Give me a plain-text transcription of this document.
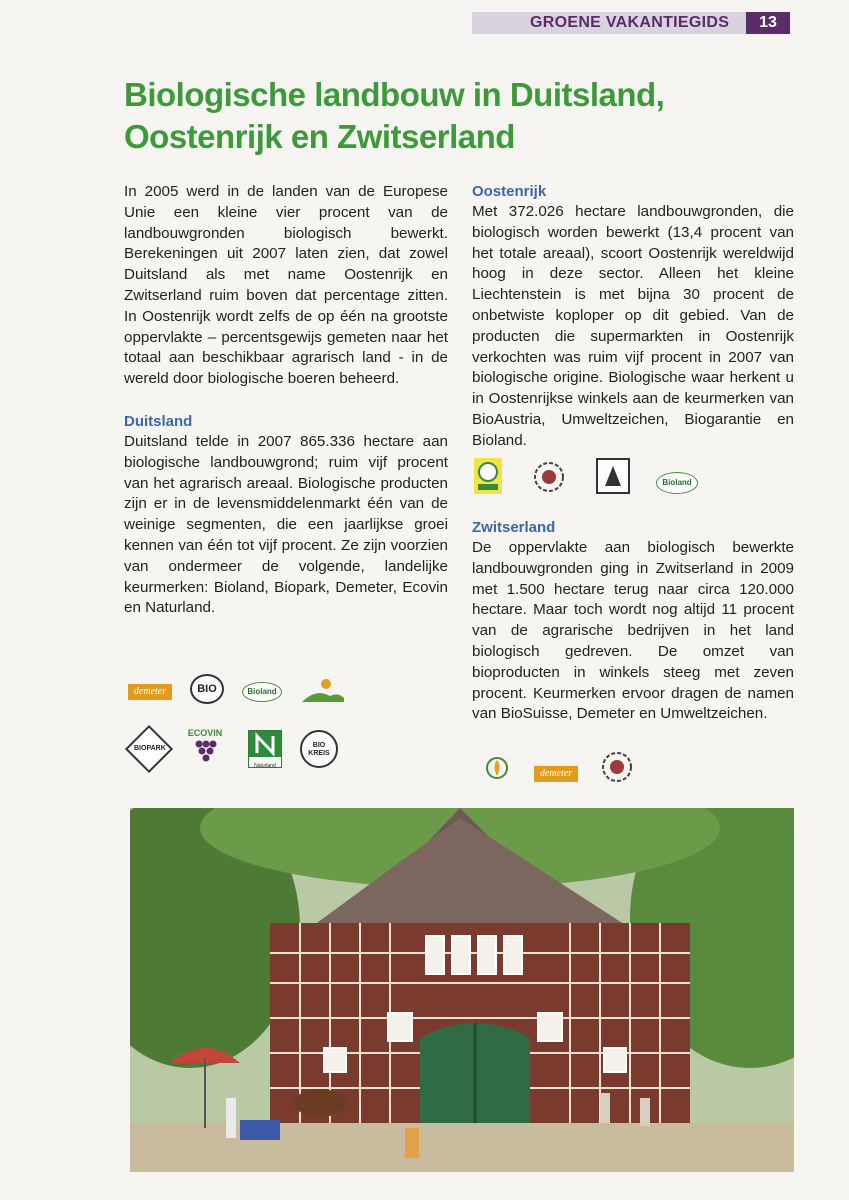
GROENE VAKANTIEGIDS	13
Biologische landbouw in Duitsland, Oostenrijk en Zwitserland

In 2005 werd in de landen van de Europese Unie een kleine vier procent van de landbouwgronden biologisch bewerkt. Berekeningen uit 2007 laten zien, dat zowel Duitsland als met name Oostenrijk en Zwitserland ruim boven dat percentage zitten. In Oostenrijk wordt zelfs de op één na grootste oppervlakte – percentsgewijs gemeten naar het totaal aan beschikbaar agrarisch land - in de wereld door biologische boeren beheerd.

Duitsland

Duitsland telde in 2007 865.336 hectare aan biologische landbouwgrond; ruim vijf procent van het agrarisch areaal. Biologische producten zijn er in de levensmiddelenmarkt één van de weinige segmenten, die een jaarlijkse groei kennen van één tot vijf procent. Ze zijn voorzien van ondermeer de volgende, landelijke keurmerken: Bioland, Biopark, Demeter, Ecovin en Naturland.

demeter	BIO	Bioland
BIOPARK
ECOVIN
Naturland
BIO KREIS
Oostenrijk

Met 372.026 hectare landbouwgronden, die biologisch worden bewerkt (13,4 procent van het totale areaal), scoort Oostenrijk wereldwijd hoog in deze sector. Alleen het kleine Liechtenstein is met bijna 30 procent de onbetwiste koploper op dit gebied. Van de producten die supermarkten in Oostenrijk verkochten was ruim vijf procent in 2007 van biologische origine. Biologische waar herkent u in Oostenrijkse winkels aan de keurmerken van BioAustria, Umweltzeichen, Biogarantie en Bioland.

Bioland
Zwitserland

De oppervlakte aan biologisch bewerkte landbouwgronden ging in Zwitserland in 2009 met 1.500 hectare terug naar circa 120.000 hectare. Maar toch wordt nog altijd 11 procent van de agrarische bedrijven in het land biologisch gedreven. De omzet van bioproducten in winkels steeg met zeven procent. Keurmerken ervoor dragen de namen van BioSuisse, Demeter en Umweltzeichen.

demeter
